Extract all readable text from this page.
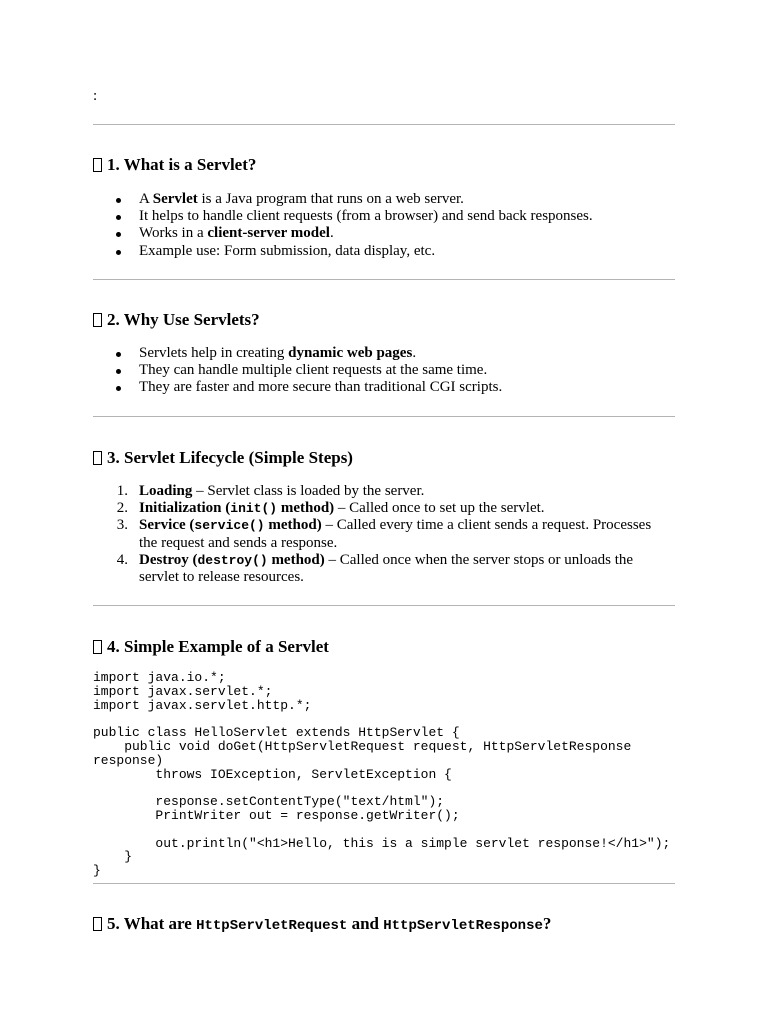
:
1. What is a Servlet?
A Servlet is a Java program that runs on a web server.
It helps to handle client requests (from a browser) and send back responses.
Works in a client-server model.
Example use: Form submission, data display, etc.
2. Why Use Servlets?
Servlets help in creating dynamic web pages.
They can handle multiple client requests at the same time.
They are faster and more secure than traditional CGI scripts.
3. Servlet Lifecycle (Simple Steps)
1. Loading – Servlet class is loaded by the server.
2. Initialization (init() method) – Called once to set up the servlet.
3. Service (service() method) – Called every time a client sends a request. Processes
the request and sends a response.
4. Destroy (destroy() method) – Called once when the server stops or unloads the
servlet to release resources.
4. Simple Example of a Servlet
import java.io.*;
import javax.servlet.*;
import javax.servlet.http.*;

public class HelloServlet extends HttpServlet {
public void doGet(HttpServletRequest request, HttpServletResponse
response)
throws IOException, ServletException {

response.setContentType("text/html");
PrintWriter out = response.getWriter();

out.println("<h1>Hello, this is a simple servlet response!</h1>");
}
}
5. What are HttpServletRequest and HttpServletResponse?
